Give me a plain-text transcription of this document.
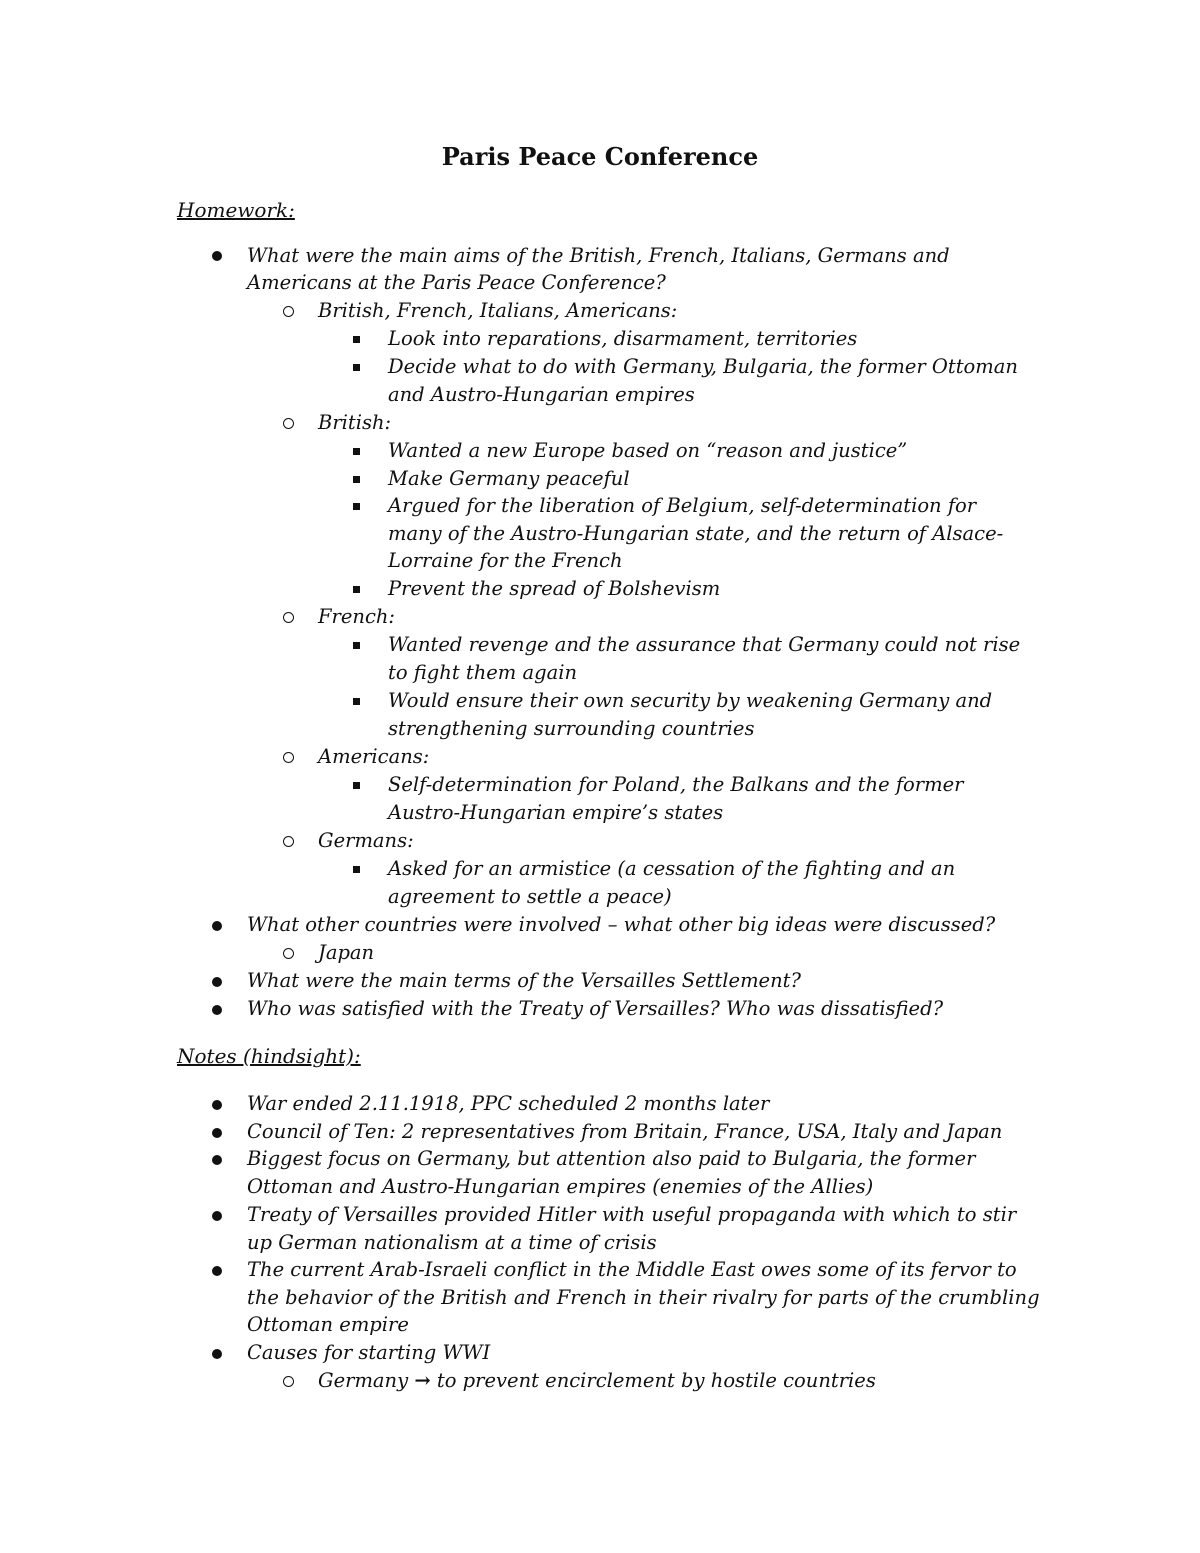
Paris Peace Conference
Homework:
What were the main aims of the British, French, Italians, Germans and
Americans at the Paris Peace Conference?
British, French, Italians, Americans:
Look into reparations, disarmament, territories
Decide what to do with Germany, Bulgaria, the former Ottoman
and Austro-Hungarian empires
British:
Wanted a new Europe based on “reason and justice”
Make Germany peaceful
Argued for the liberation of Belgium, self-determination for
many of the Austro-Hungarian state, and the return of Alsace-
Lorraine for the French
Prevent the spread of Bolshevism
French:
Wanted revenge and the assurance that Germany could not rise
to fight them again
Would ensure their own security by weakening Germany and
strengthening surrounding countries
Americans:
Self-determination for Poland, the Balkans and the former
Austro-Hungarian empire’s states
Germans:
Asked for an armistice (a cessation of the fighting and an
agreement to settle a peace)
What other countries were involved – what other big ideas were discussed?
Japan
What were the main terms of the Versailles Settlement?
Who was satisfied with the Treaty of Versailles? Who was dissatisfied?
Notes (hindsight):
War ended 2.11.1918, PPC scheduled 2 months later
Council of Ten: 2 representatives from Britain, France, USA, Italy and Japan
Biggest focus on Germany, but attention also paid to Bulgaria, the former
Ottoman and Austro-Hungarian empires (enemies of the Allies)
Treaty of Versailles provided Hitler with useful propaganda with which to stir
up German nationalism at a time of crisis
The current Arab-Israeli conflict in the Middle East owes some of its fervor to
the behavior of the British and French in their rivalry for parts of the crumbling
Ottoman empire
Causes for starting WWI
Germany → to prevent encirclement by hostile countries
